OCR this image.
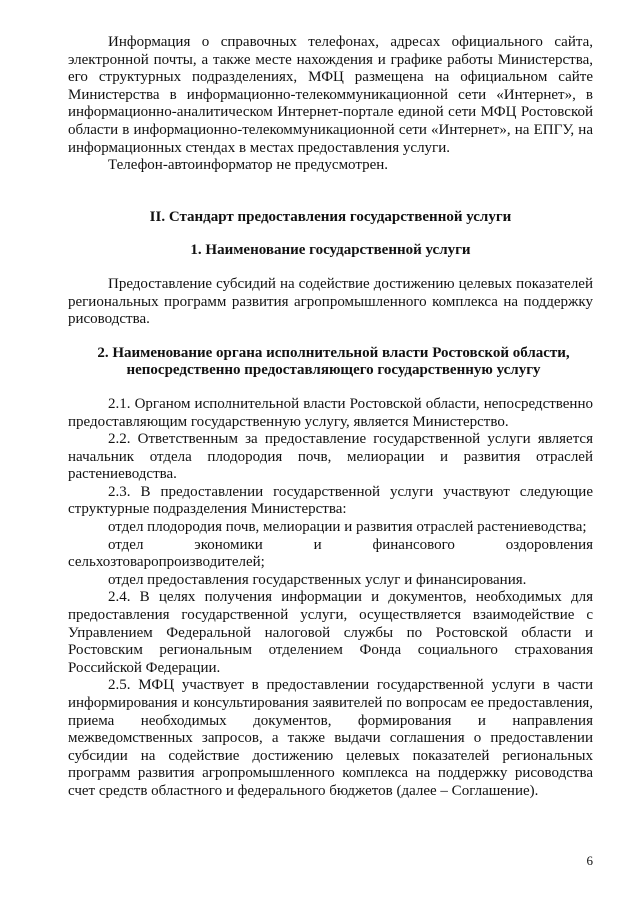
Информация о справочных телефонах, адресах официального сайта, электронной почты, а также месте нахождения и графике работы Министерства, его структурных подразделениях, МФЦ размещена на официальном сайте Министерства в информационно-телекоммуникационной сети «Интернет», в информационно-аналитическом Интернет-портале единой сети МФЦ Ростовской области в информационно-телекоммуникационной сети «Интернет», на ЕПГУ, на информационных стендах в местах предоставления услуги.

Телефон-автоинформатор не предусмотрен.

II. Стандарт предоставления государственной услуги

1. Наименование государственной услуги

Предоставление субсидий на содействие достижению целевых показателей региональных программ развития агропромышленного комплекса на поддержку рисоводства.

2. Наименование органа исполнительной власти Ростовской области, непосредственно предоставляющего государственную услугу

2.1. Органом исполнительной власти Ростовской области, непосредственно предоставляющим государственную услугу, является Министерство.

2.2. Ответственным за предоставление государственной услуги является начальник отдела плодородия почв, мелиорации и развития отраслей растениеводства.

2.3. В предоставлении государственной услуги участвуют следующие структурные подразделения Министерства:

отдел плодородия почв, мелиорации и развития отраслей растениеводства;

отдел экономики и финансового оздоровления сельхозтоваропроизводителей;

отдел предоставления государственных услуг и финансирования.

2.4. В целях получения информации и документов, необходимых для предоставления государственной услуги, осуществляется взаимодействие с Управлением Федеральной налоговой службы по Ростовской области и Ростовским региональным отделением Фонда социального страхования Российской Федерации.

2.5. МФЦ участвует в предоставлении государственной услуги в части информирования и консультирования заявителей по вопросам ее предоставления, приема необходимых документов, формирования и направления межведомственных запросов, а также выдачи соглашения о предоставлении субсидии на содействие достижению целевых показателей региональных программ развития агропромышленного комплекса на поддержку рисоводства счет средств областного и федерального бюджетов (далее – Соглашение).

6
